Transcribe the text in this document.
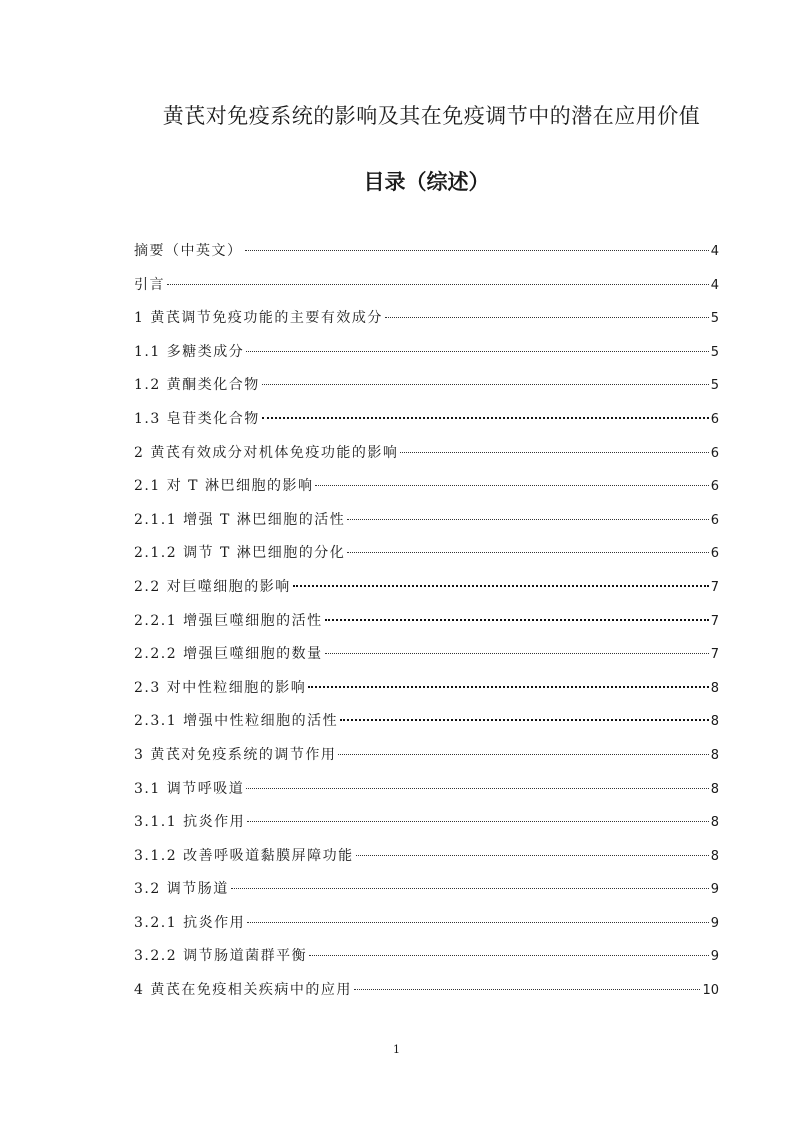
黄芪对免疫系统的影响及其在免疫调节中的潜在应用价值
目录（综述）
摘要（中英文）	4
引言	4
1 黄芪调节免疫功能的主要有效成分	5
1.1 多糖类成分	5
1.2 黄酮类化合物	5
1.3 皂苷类化合物	6
2 黄芪有效成分对机体免疫功能的影响	6
2.1 对 T 淋巴细胞的影响	6
2.1.1 增强 T 淋巴细胞的活性	6
2.1.2 调节 T 淋巴细胞的分化	6
2.2 对巨噬细胞的影响	7
2.2.1 增强巨噬细胞的活性	7
2.2.2 增强巨噬细胞的数量	7
2.3 对中性粒细胞的影响	8
2.3.1 增强中性粒细胞的活性	8
3 黄芪对免疫系统的调节作用	8
3.1 调节呼吸道	8
3.1.1 抗炎作用	8
3.1.2 改善呼吸道黏膜屏障功能	8
3.2 调节肠道	9
3.2.1 抗炎作用	9
3.2.2 调节肠道菌群平衡	9
4 黄芪在免疫相关疾病中的应用	10
1
